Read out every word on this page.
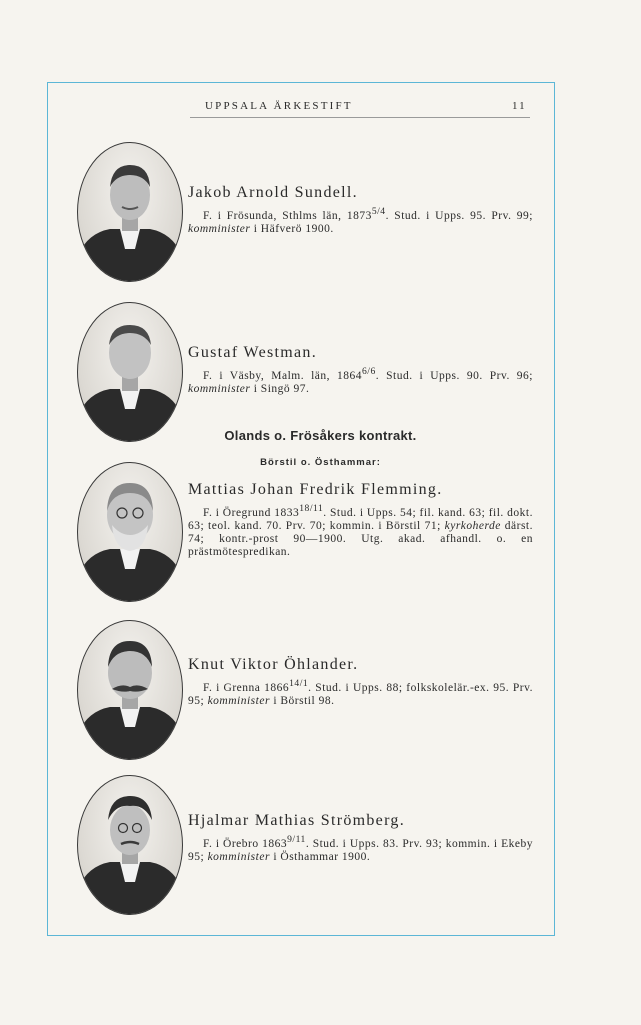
UPPSALA ÄRKESTIFT	11

Jakob Arnold Sundell.

F. i Frösunda, Sthlms län, $1873^{5/4}$. Stud. i Upps. 95. Prv. 99; komminister i Häfverö 1900.

Gustaf Westman.

F. i Väsby, Malm. län, $1864^{6/6}$. Stud. i Upps. 90. Prv. 96; komminister i Singö 97.

Olands o. Frösåkers kontrakt.
Börstil o. Östhammar:

Mattias Johan Fredrik Flemming.

F. i Öregrund $1833^{18/11}$. Stud. i Upps. 54; fil. kand. 63; fil. dokt. 63; teol. kand. 70. Prv. 70; kommin. i Börstil 71; kyrkoherde därst. 74; kontr.-prost 90—1900. Utg. akad. afhandl. o. en prästmötespredikan.

Knut Viktor Öhlander.

F. i Grenna $1866^{14/1}$. Stud. i Upps. 88; folkskolelär.-ex. 95. Prv. 95; komminister i Börstil 98.

Hjalmar Mathias Strömberg.

F. i Örebro $1863^{9/11}$. Stud. i Upps. 83. Prv. 93; kommin. i Ekeby 95; komminister i Östhammar 1900.
